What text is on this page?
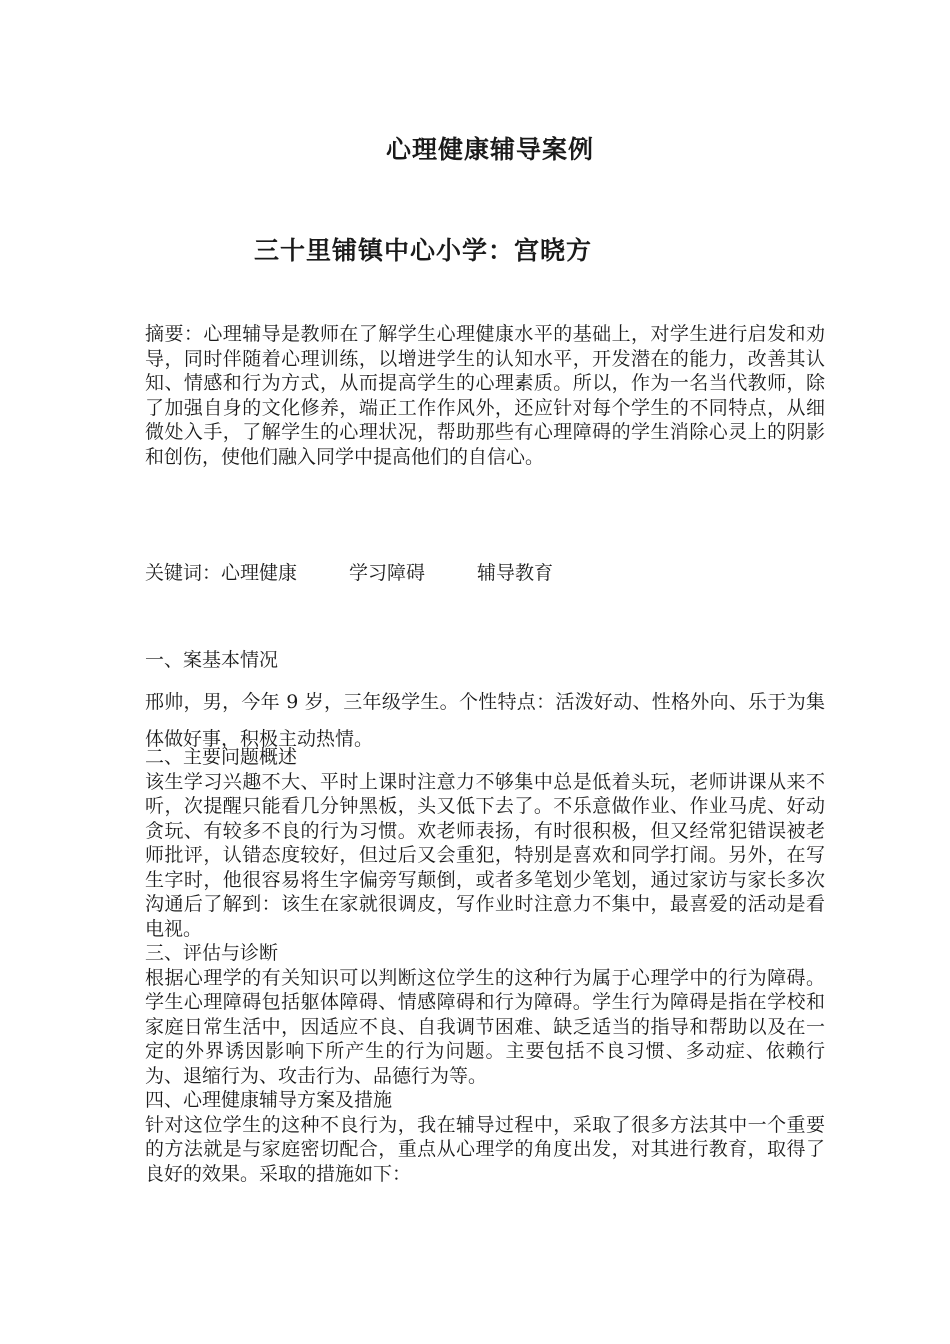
心理健康辅导案例
三十里铺镇中心小学：宫晓方
摘要：心理辅导是教师在了解学生心理健康水平的基础上，对学生进行启发和劝导，同时伴随着心理训练，以增进学生的认知水平，开发潜在的能力，改善其认知、情感和行为方式，从而提高学生的心理素质。所以，作为一名当代教师，除了加强自身的文化修养，端正工作作风外，还应针对每个学生的不同特点，从细微处入手，了解学生的心理状况，帮助那些有心理障碍的学生消除心灵上的阴影和创伤，使他们融入同学中提高他们的自信心。
关键词：心理健康	学习障碍	辅导教育
一、案基本情况
邢帅，男，今年 9 岁，三年级学生。个性特点：活泼好动、性格外向、乐于为集体做好事，积极主动热情。

二、主要问题概述

该生学习兴趣不大、平时上课时注意力不够集中总是低着头玩，老师讲课从来不听，次提醒只能看几分钟黑板，头又低下去了。不乐意做作业、作业马虎、好动贪玩、有较多不良的行为习惯。欢老师表扬，有时很积极，但又经常犯错误被老师批评，认错态度较好，但过后又会重犯，特别是喜欢和同学打闹。另外，在写生字时，他很容易将生字偏旁写颠倒，或者多笔划少笔划，通过家访与家长多次沟通后了解到：该生在家就很调皮，写作业时注意力不集中，最喜爱的活动是看电视。

三、评估与诊断

根据心理学的有关知识可以判断这位学生的这种行为属于心理学中的行为障碍。学生心理障碍包括躯体障碍、情感障碍和行为障碍。学生行为障碍是指在学校和家庭日常生活中，因适应不良、自我调节困难、缺乏适当的指导和帮助以及在一定的外界诱因影响下所产生的行为问题。主要包括不良习惯、多动症、依赖行为、退缩行为、攻击行为、品德行为等。

四、心理健康辅导方案及措施

针对这位学生的这种不良行为，我在辅导过程中，采取了很多方法其中一个重要的方法就是与家庭密切配合，重点从心理学的角度出发，对其进行教育，取得了良好的效果。采取的措施如下：
